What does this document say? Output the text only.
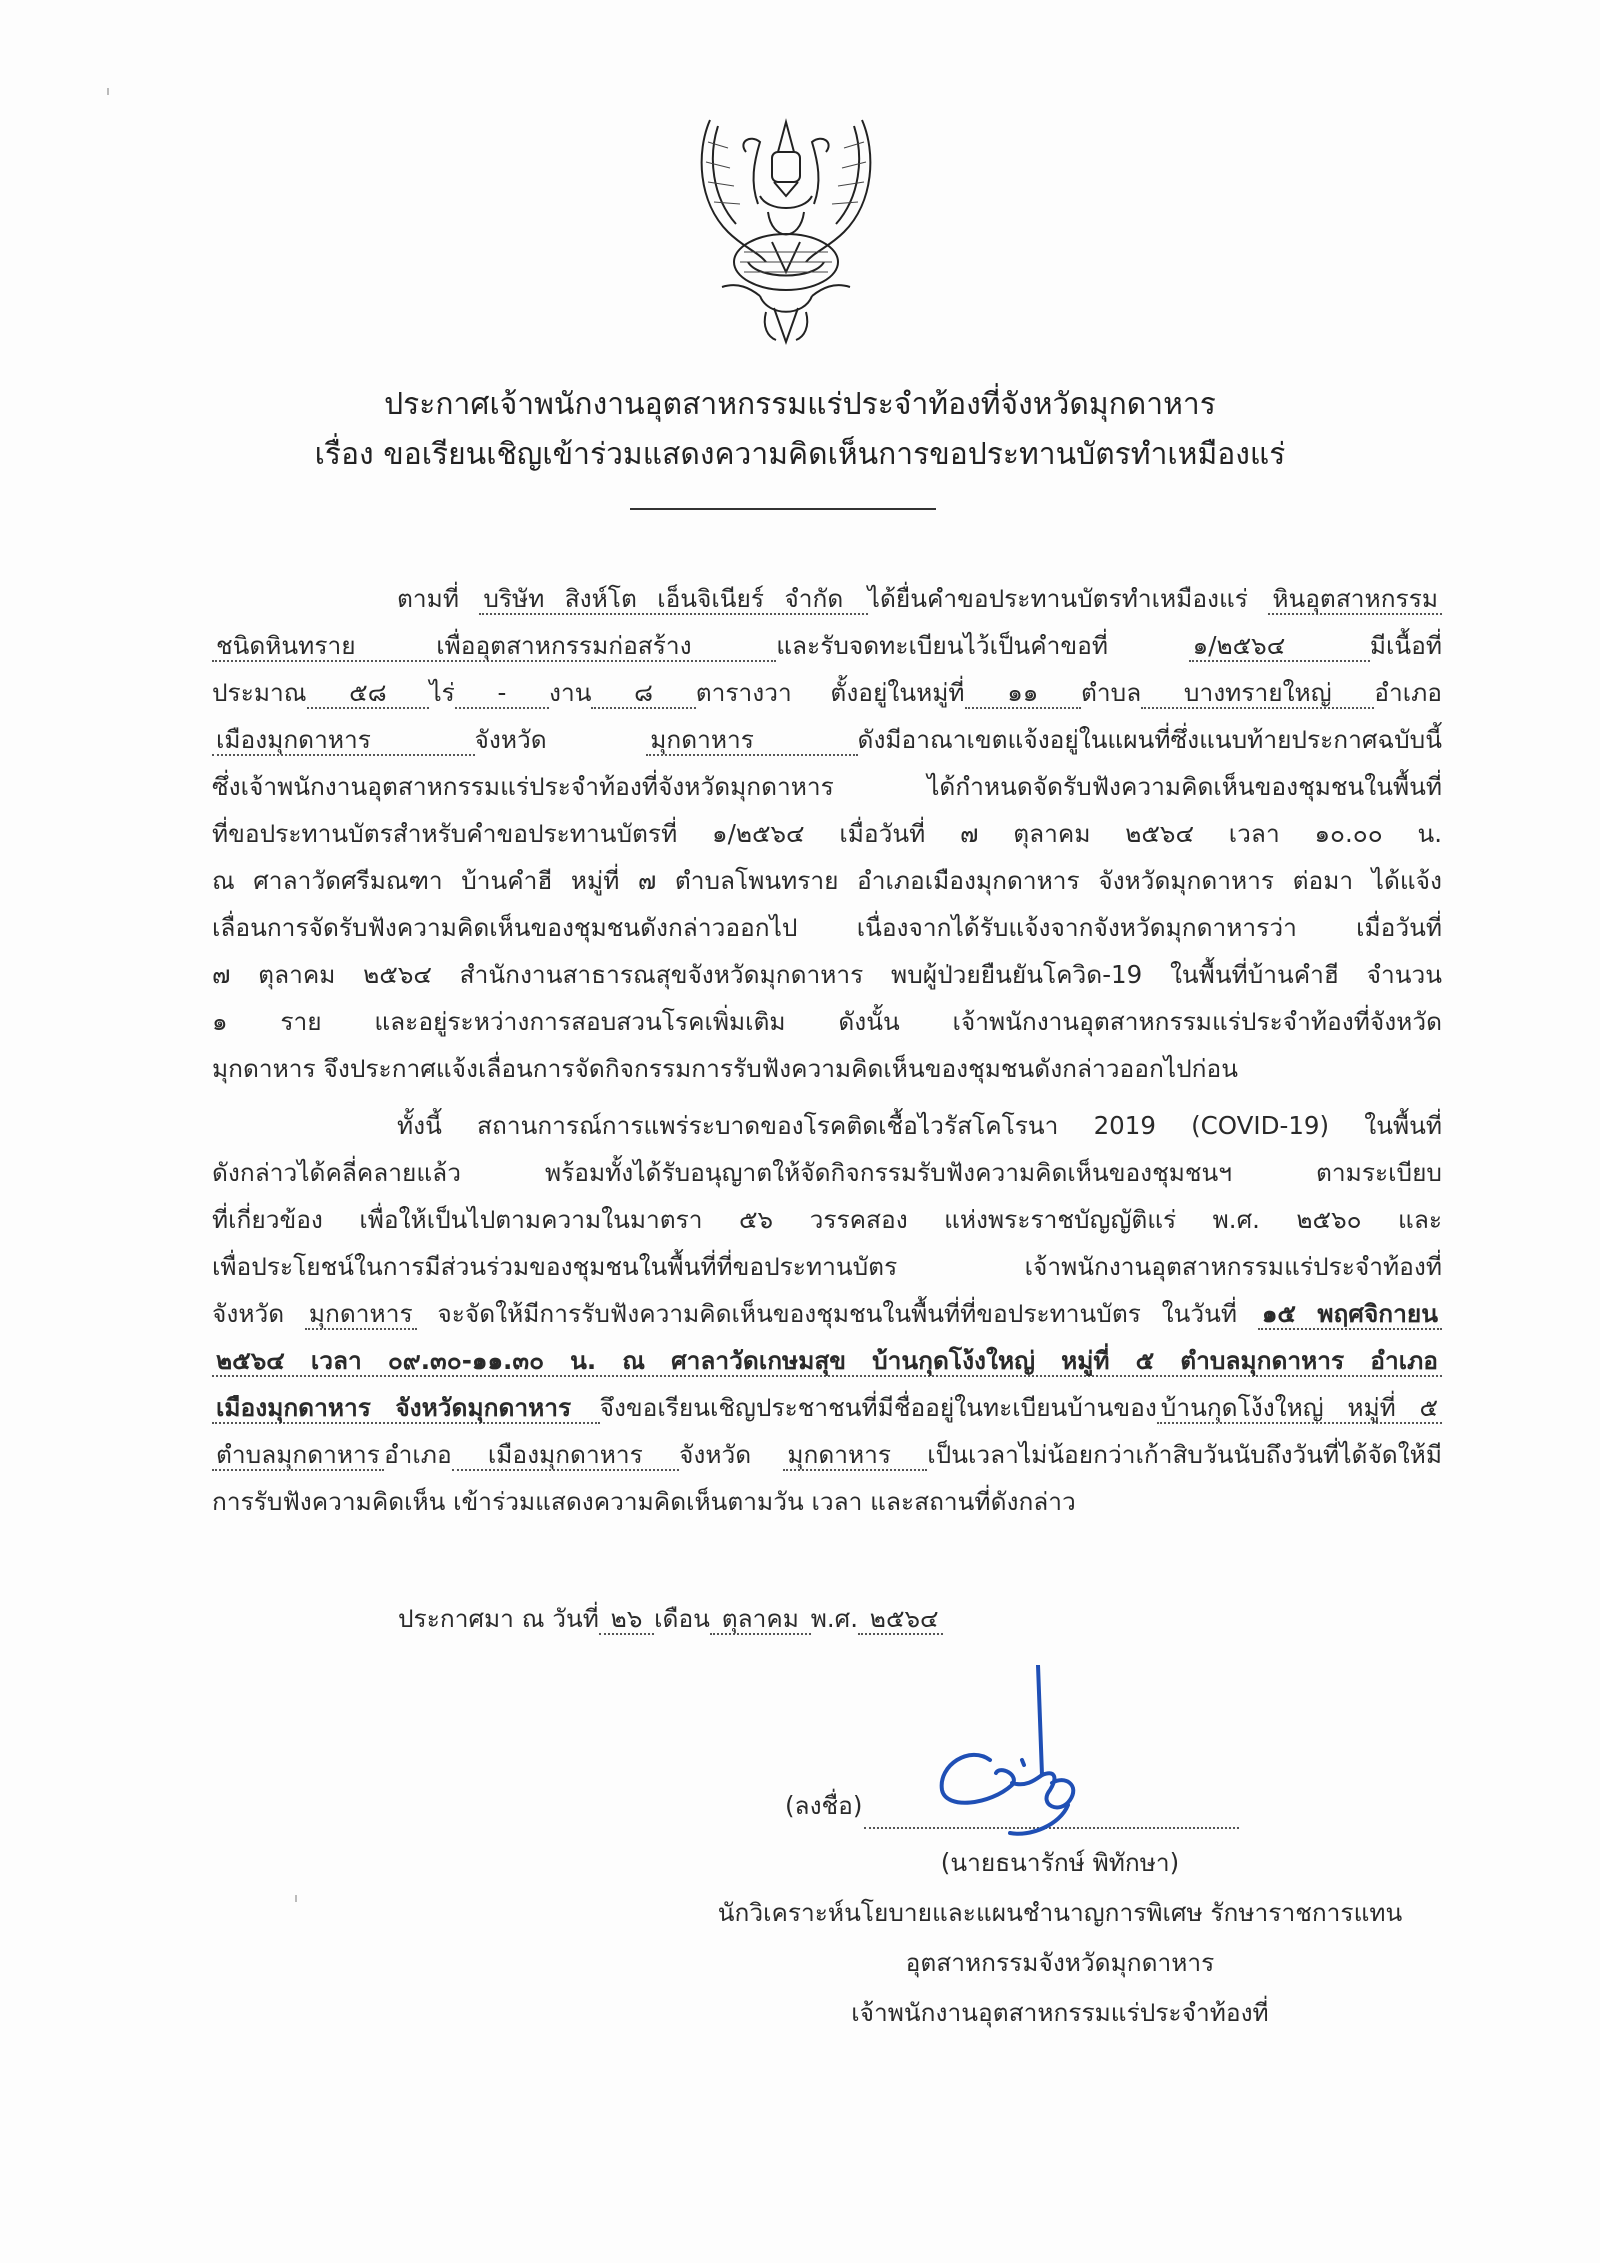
ประกาศเจ้าพนักงานอุตสาหกรรมแร่ประจำท้องที่จังหวัดมุกดาหาร
เรื่อง ขอเรียนเชิญเข้าร่วมแสดงความคิดเห็นการขอประทานบัตรทำเหมืองแร่
ตามที่ บริษัท สิงห์โต เอ็นจิเนียร์ จำกัด ได้ยื่นคำขอประทานบัตรทำเหมืองแร่ หินอุตสาหกรรม
ชนิดหินทราย เพื่ออุตสาหกรรมก่อสร้าง และรับจดทะเบียนไว้เป็นคำขอที่ ๑/๒๕๖๔ มีเนื้อที่
ประมาณ ๕๘ ไร่ - งาน ๘ ตารางวา ตั้งอยู่ในหมู่ที่ ๑๑ ตำบล บางทรายใหญ่ อำเภอ
เมืองมุกดาหาร จังหวัด มุกดาหาร ดังมีอาณาเขตแจ้งอยู่ในแผนที่ซึ่งแนบท้ายประกาศฉบับนี้
ซึ่งเจ้าพนักงานอุตสาหกรรมแร่ประจำท้องที่จังหวัดมุกดาหาร ได้กำหนดจัดรับฟังความคิดเห็นของชุมชนในพื้นที่
ที่ขอประทานบัตรสำหรับคำขอประทานบัตรที่ ๑/๒๕๖๔ เมื่อวันที่ ๗ ตุลาคม ๒๕๖๔ เวลา ๑๐.๐๐ น.
ณ ศาลาวัดศรีมณฑา บ้านคำฮี หมู่ที่ ๗ ตำบลโพนทราย อำเภอเมืองมุกดาหาร จังหวัดมุกดาหาร ต่อมา ได้แจ้ง
เลื่อนการจัดรับฟังความคิดเห็นของชุมชนดังกล่าวออกไป เนื่องจากได้รับแจ้งจากจังหวัดมุกดาหารว่า เมื่อวันที่
๗ ตุลาคม ๒๕๖๔ สำนักงานสาธารณสุขจังหวัดมุกดาหาร พบผู้ป่วยยืนยันโควิด-19 ในพื้นที่บ้านคำฮี จำนวน
๑ ราย และอยู่ระหว่างการสอบสวนโรคเพิ่มเติม ดังนั้น เจ้าพนักงานอุตสาหกรรมแร่ประจำท้องที่จังหวัด
มุกดาหาร จึงประกาศแจ้งเลื่อนการจัดกิจกรรมการรับฟังความคิดเห็นของชุมชนดังกล่าวออกไปก่อน
ทั้งนี้ สถานการณ์การแพร่ระบาดของโรคติดเชื้อไวรัสโคโรนา 2019 (COVID-19) ในพื้นที่
ดังกล่าวได้คลี่คลายแล้ว พร้อมทั้งได้รับอนุญาตให้จัดกิจกรรมรับฟังความคิดเห็นของชุมชนฯ ตามระเบียบ
ที่เกี่ยวข้อง เพื่อให้เป็นไปตามความในมาตรา ๕๖ วรรคสอง แห่งพระราชบัญญัติแร่ พ.ศ. ๒๕๖๐ และ
เพื่อประโยชน์ในการมีส่วนร่วมของชุมชนในพื้นที่ที่ขอประทานบัตร เจ้าพนักงานอุตสาหกรรมแร่ประจำท้องที่
จังหวัด มุกดาหาร จะจัดให้มีการรับฟังความคิดเห็นของชุมชนในพื้นที่ที่ขอประทานบัตร ในวันที่ ๑๕ พฤศจิกายน
๒๕๖๔ เวลา ๐๙.๓๐-๑๑.๓๐ น. ณ ศาลาวัดเกษมสุข บ้านกุดโง้งใหญ่ หมู่ที่ ๕ ตำบลมุกดาหาร อำเภอ
เมืองมุกดาหาร จังหวัดมุกดาหาร จึงขอเรียนเชิญประชาชนที่มีชื่ออยู่ในทะเบียนบ้านของ บ้านกุดโง้งใหญ่ หมู่ที่ ๕
ตำบลมุกดาหาร อำเภอ เมืองมุกดาหาร จังหวัด มุกดาหาร เป็นเวลาไม่น้อยกว่าเก้าสิบวันนับถึงวันที่ได้จัดให้มี
การรับฟังความคิดเห็น เข้าร่วมแสดงความคิดเห็นตามวัน เวลา และสถานที่ดังกล่าว
ประกาศมา ณ วันที่ ๒๖ เดือน ตุลาคม พ.ศ. ๒๕๖๔
(ลงชื่อ)
(นายธนารักษ์ พิทักษา)
นักวิเคราะห์นโยบายและแผนชำนาญการพิเศษ รักษาราชการแทน
อุตสาหกรรมจังหวัดมุกดาหาร
เจ้าพนักงานอุตสาหกรรมแร่ประจำท้องที่
